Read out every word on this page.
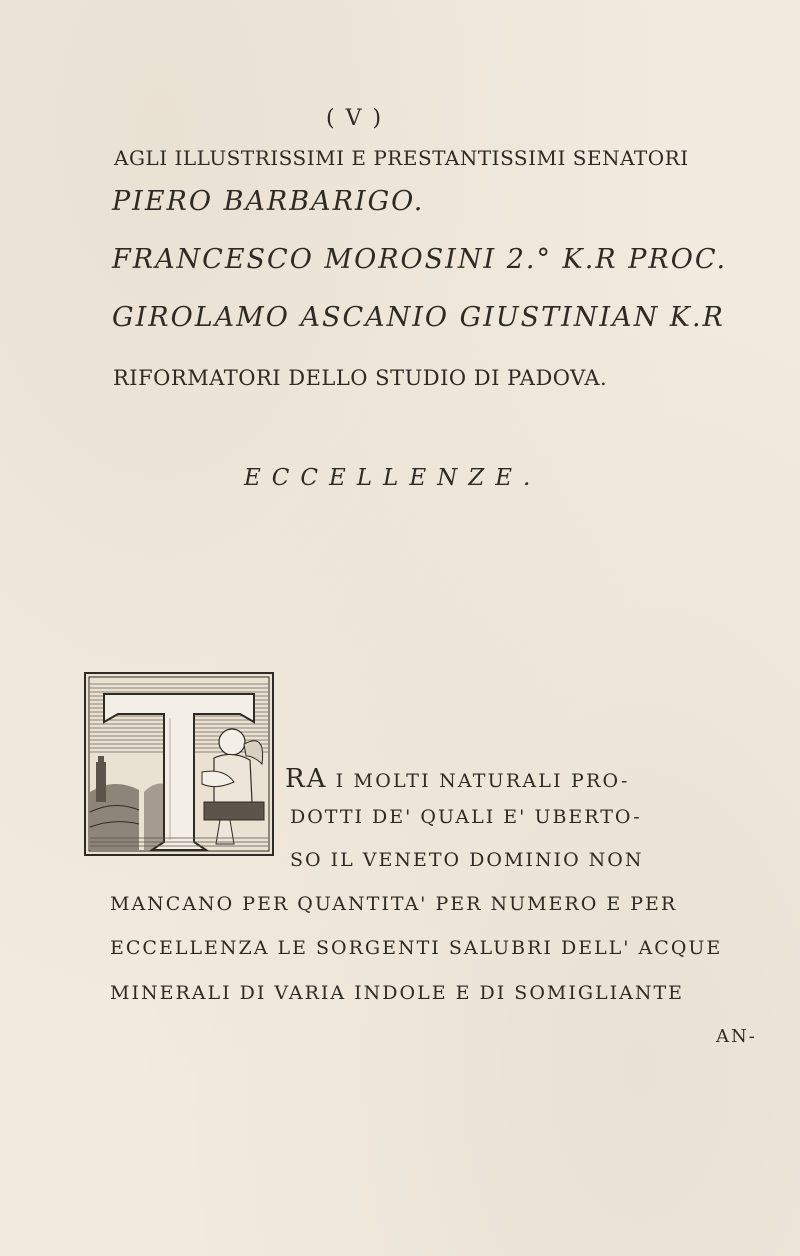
( V )
AGLI ILLUSTRISSIMI E PRESTANTISSIMI SENATORI
PIERO BARBARIGO.
FRANCESCO MOROSINI 2.° K.R PROC.
GIROLAMO ASCANIO GIUSTINIAN K.R
RIFORMATORI DELLO STUDIO DI PADOVA.
ECCELLENZE.
RA I MOLTI NATURALI PRO-
DOTTI DE' QUALI E' UBERTO-
SO IL VENETO DOMINIO NON
MANCANO PER QUANTITA' PER NUMERO E PER
ECCELLENZA LE SORGENTI SALUBRI DELL' ACQUE
MINERALI DI VARIA INDOLE E DI SOMIGLIANTE
AN-
